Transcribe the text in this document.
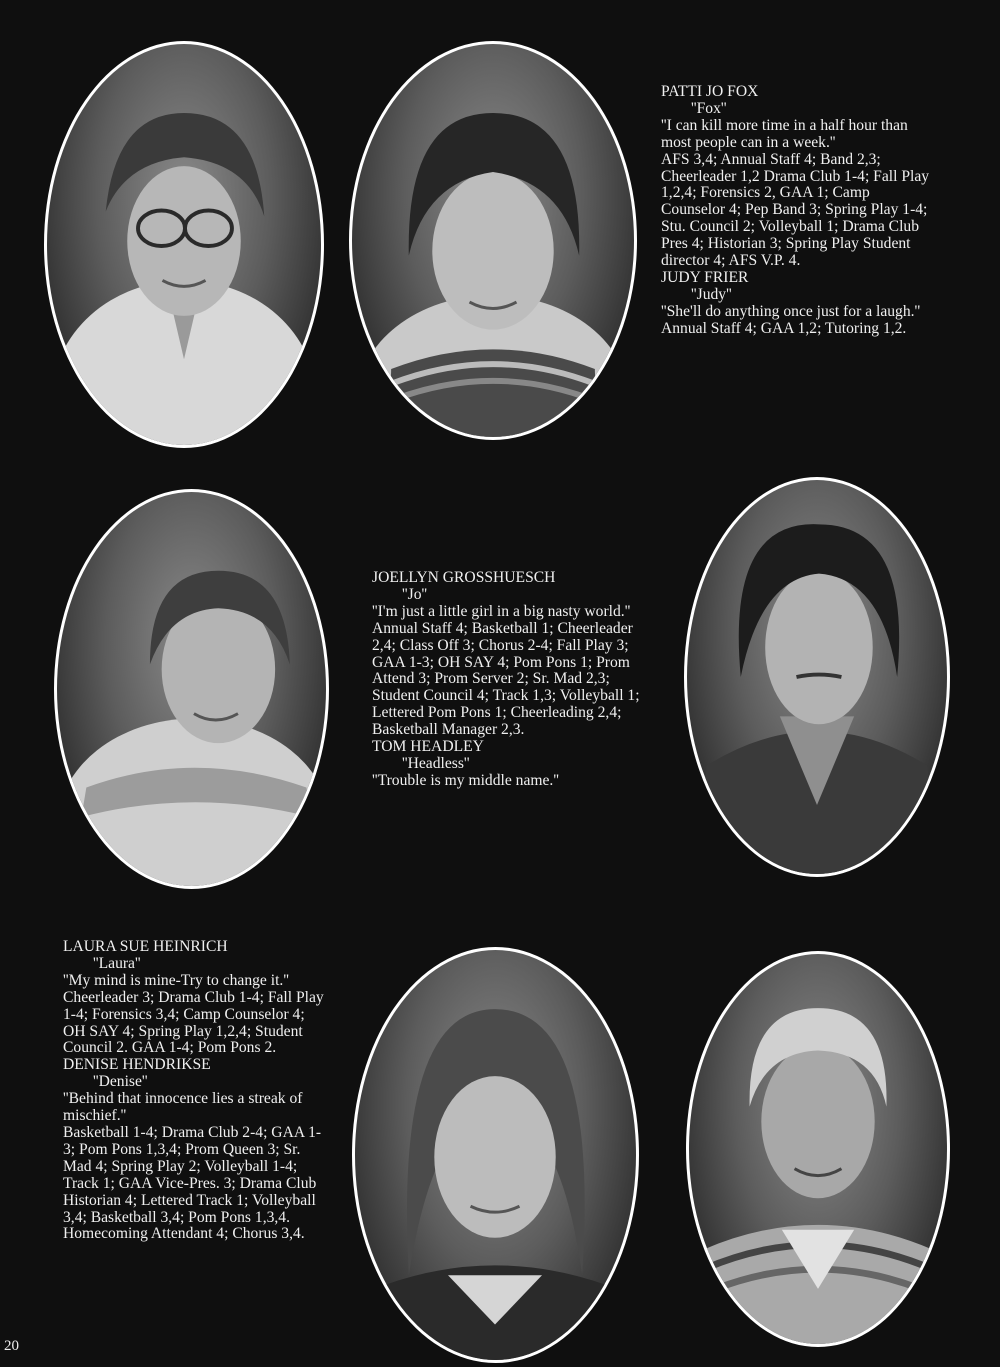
PATTI JO FOX
''Fox''
''I can kill more time in a half hour than most people can in a week.''
AFS 3,4; Annual Staff 4; Band 2,3; Cheerleader 1,2 Drama Club 1-4; Fall Play 1,2,4; Forensics 2, GAA 1; Camp Counselor 4; Pep Band 3; Spring Play 1-4; Stu. Council 2; Volleyball 1; Drama Club Pres 4; Historian 3; Spring Play Student director 4; AFS V.P. 4.
JUDY FRIER
''Judy''
''She'll do anything once just for a laugh.''
Annual Staff 4; GAA 1,2; Tutoring 1,2.
JOELLYN GROSSHUESCH
''Jo''
''I'm just a little girl in a big nasty world.''
Annual Staff 4; Basketball 1; Cheerleader 2,4; Class Off 3; Chorus 2-4; Fall Play 3; GAA 1-3; OH SAY 4; Pom Pons 1; Prom Attend 3; Prom Server 2; Sr. Mad 2,3; Student Council 4; Track 1,3; Volleyball 1; Lettered Pom Pons 1; Cheerleading 2,4; Basketball Manager 2,3.
TOM HEADLEY
''Headless''
''Trouble is my middle name.''
LAURA SUE HEINRICH
''Laura''
''My mind is mine-Try to change it.''
Cheerleader 3; Drama Club 1-4; Fall Play 1-4; Forensics 3,4; Camp Counselor 4; OH SAY 4; Spring Play 1,2,4; Student Council 2. GAA 1-4; Pom Pons 2.
DENISE HENDRIKSE
''Denise''
''Behind that innocence lies a streak of mischief.''
Basketball 1-4; Drama Club 2-4; GAA 1-3; Pom Pons 1,3,4; Prom Queen 3; Sr. Mad 4; Spring Play 2; Volleyball 1-4; Track 1; GAA Vice-Pres. 3; Drama Club Historian 4; Lettered Track 1; Volleyball 3,4; Basketball 3,4; Pom Pons 1,3,4. Homecoming Attendant 4; Chorus 3,4.
20
